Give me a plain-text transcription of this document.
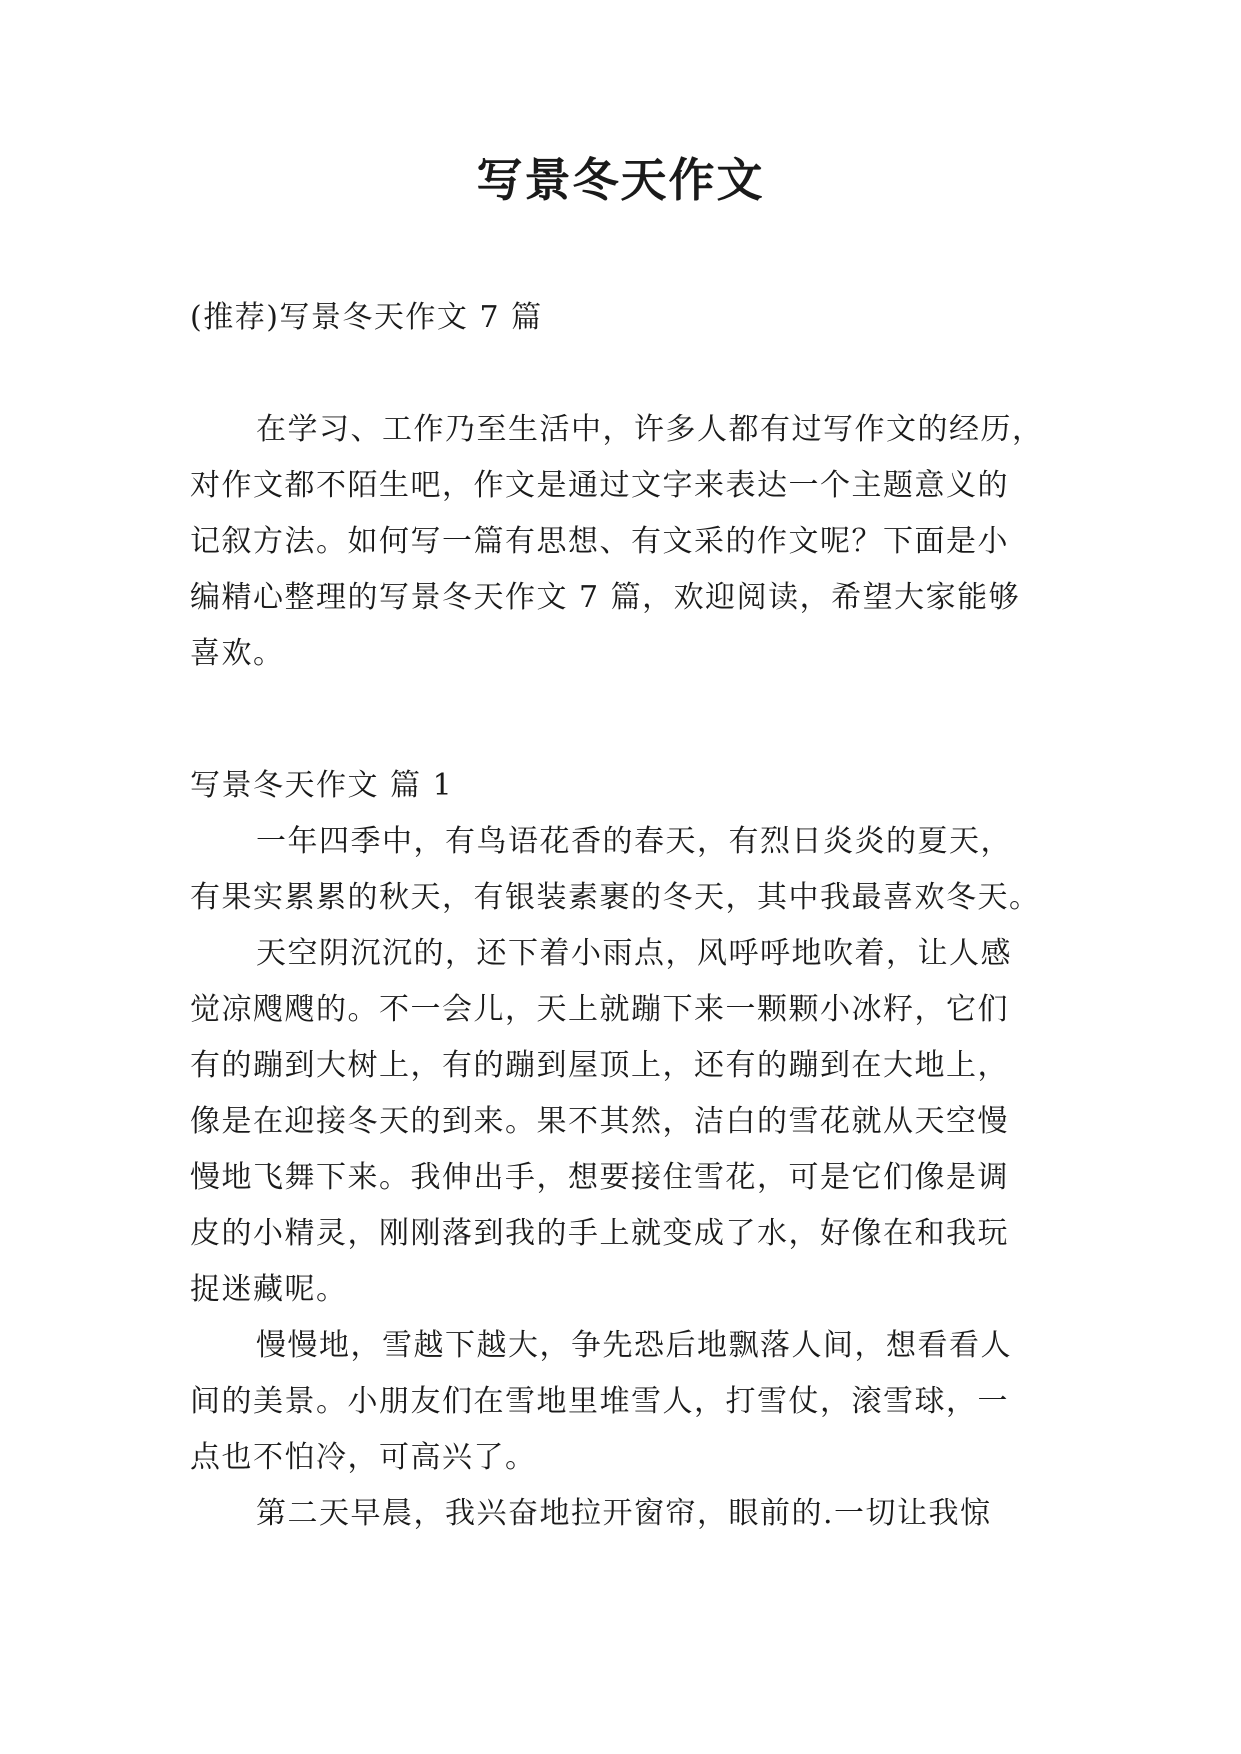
写景冬天作文
(推荐)写景冬天作文 7 篇
在学习、工作乃至生活中，许多人都有过写作文的经历，
对作文都不陌生吧，作文是通过文字来表达一个主题意义的
记叙方法。如何写一篇有思想、有文采的作文呢？下面是小
编精心整理的写景冬天作文 7 篇，欢迎阅读，希望大家能够
喜欢。
写景冬天作文 篇 1
一年四季中，有鸟语花香的春天，有烈日炎炎的夏天，
有果实累累的秋天，有银装素裹的冬天，其中我最喜欢冬天。
天空阴沉沉的，还下着小雨点，风呼呼地吹着，让人感
觉凉飕飕的。不一会儿，天上就蹦下来一颗颗小冰籽，它们
有的蹦到大树上，有的蹦到屋顶上，还有的蹦到在大地上，
像是在迎接冬天的到来。果不其然，洁白的雪花就从天空慢
慢地飞舞下来。我伸出手，想要接住雪花，可是它们像是调
皮的小精灵，刚刚落到我的手上就变成了水，好像在和我玩
捉迷藏呢。
慢慢地，雪越下越大，争先恐后地飘落人间，想看看人
间的美景。小朋友们在雪地里堆雪人，打雪仗，滚雪球，一
点也不怕冷，可高兴了。
第二天早晨，我兴奋地拉开窗帘，眼前的.一切让我惊
